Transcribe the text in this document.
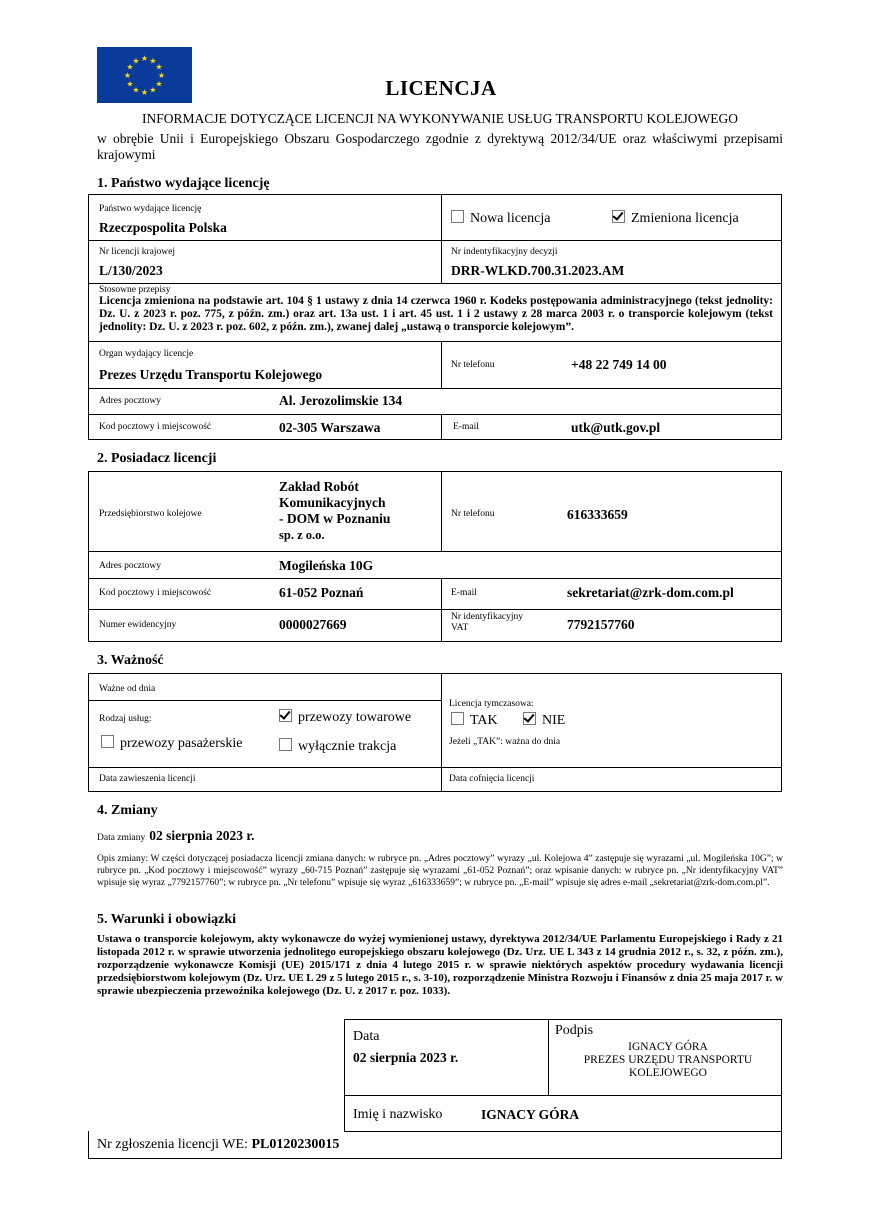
★ ★
★
★
★
★
★
★
★
★
★
★
LICENCJA
INFORMACJE DOTYCZĄCE LICENCJI NA WYKONYWANIE USŁUG TRANSPORTU KOLEJOWEGO
w obrębie Unii i Europejskiego Obszaru Gospodarczego zgodnie z dyrektywą 2012/34/UE oraz właściwymi przepisami krajowymi
1. Państwo wydające licencję
Państwo wydające licencję
Rzeczpospolita Polska
Nowa licencja	Zmieniona licencja
Nr licencji krajowej
L/130/2023
Nr indentyfikacyjny decyzji
DRR-WLKD.700.31.2023.AM
Stosowne przepisy
Licencja zmieniona na podstawie art. 104 § 1 ustawy z dnia 14 czerwca 1960 r. Kodeks postępowania administracyjnego (tekst jednolity: Dz. U. z 2023 r. poz. 775, z późn. zm.) oraz art. 13a ust. 1 i art. 45 ust. 1 i 2 ustawy z 28 marca 2003 r. o transporcie kolejowym (tekst jednolity: Dz. U. z 2023 r. poz. 602, z późn. zm.), zwanej dalej „ustawą o transporcie kolejowym”.
Organ wydający licencje
Prezes Urzędu Transportu Kolejowego
Nr telefonu	+48 22 749 14 00
Adres pocztowy	Al. Jerozolimskie 134
Kod pocztowy i miejscowość	02-305 Warszawa	E-mail	utk@utk.gov.pl
2. Posiadacz licencji
Przedsiębiorstwo kolejowe
Zakład Robót
Komunikacyjnych
- DOM w Poznaniu
sp. z o.o.
Nr telefonu	616333659
Adres pocztowy	Mogileńska 10G
Kod pocztowy i miejscowość	61-052 Poznań	E-mail	sekretariat@zrk-dom.com.pl
Numer ewidencyjny	0000027669	Nr identyfikacyjny
VAT	7792157760
3. Ważność
Ważne od dnia
Rodzaj usług:	przewozy towarowe
przewozy pasażerskie	wyłącznie trakcja
Licencja tymczasowa:
TAK	NIE
Jeżeli „TAK”: ważna do dnia
Data zawieszenia licencji	Data cofnięcia licencji
4. Zmiany
Data zmiany 02 sierpnia 2023 r.
Opis zmiany: W części dotyczącej posiadacza licencji zmiana danych: w rubryce pn. „Adres pocztowy” wyrazy „ul. Kolejowa 4” zastępuje się wyrazami „ul. Mogileńska 10G”; w rubryce pn. „Kod pocztowy i miejscowość” wyrazy „60-715 Poznań” zastępuje się wyrazami „61-052 Poznań”; oraz wpisanie danych: w rubryce pn. „Nr identyfikacyjny VAT” wpisuje się wyraz „7792157760”; w rubryce pn. „Nr telefonu” wpisuje się wyraz „616333659”; w rubryce pn. „E-mail” wpisuje się adres e-mail „sekretariat@zrk-dom.com.pl”.
5. Warunki i obowiązki
Ustawa o transporcie kolejowym, akty wykonawcze do wyżej wymienionej ustawy, dyrektywa 2012/34/UE Parlamentu Europejskiego i Rady z 21 listopada 2012 r. w sprawie utworzenia jednolitego europejskiego obszaru kolejowego (Dz. Urz. UE L 343 z 14 grudnia 2012 r., s. 32, z późn. zm.), rozporządzenie wykonawcze Komisji (UE) 2015/171 z dnia 4 lutego 2015 r. w sprawie niektórych aspektów procedury wydawania licencji przedsiębiorstwom kolejowym (Dz. Urz. UE L 29 z 5 lutego 2015 r., s. 3-10), rozporządzenie Ministra Rozwoju i Finansów z dnia 25 maja 2017 r. w sprawie ubezpieczenia przewoźnika kolejowego (Dz. U. z 2017 r. poz. 1033).
Data
02 sierpnia 2023 r.
Podpis
IGNACY GÓRA
PREZES URZĘDU TRANSPORTU
KOLEJOWEGO
Imię i nazwisko	IGNACY GÓRA
Nr zgłoszenia licencji WE: PL0120230015
